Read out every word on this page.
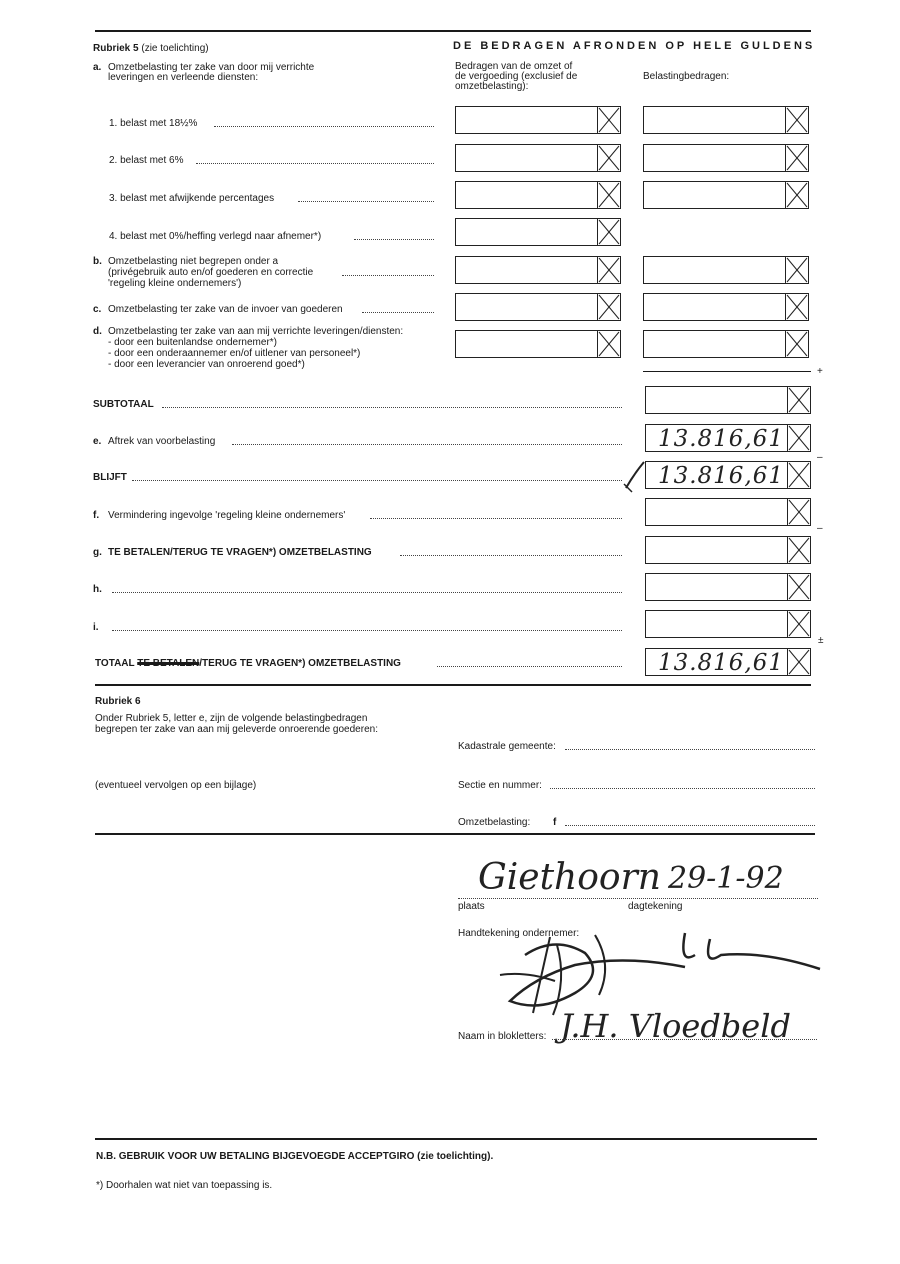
Rubriek 5 (zie toelichting)	DE BEDRAGEN AFRONDEN OP HELE GULDENS
a. Omzetbelasting ter zake van door mij verrichte
leveringen en verleende diensten:
Bedragen van de omzet of
de vergoeding (exclusief de
omzetbelasting):
Belastingbedragen:
1. belast met 18½%
2. belast met 6%
3. belast met afwijkende percentages
4. belast met 0%/heffing verlegd naar afnemer*)
b. Omzetbelasting niet begrepen onder a
(privégebruik auto en/of goederen en correctie
'regeling kleine ondernemers')
c. Omzetbelasting ter zake van de invoer van goederen
d. Omzetbelasting ter zake van aan mij verrichte leveringen/diensten:
- door een buitenlandse ondernemer*)
- door een onderaannemer en/of uitlener van personeel*)
- door een leverancier van onroerend goed*)
+
SUBTOTAAL
e. Aftrek van voorbelasting	13.816,61
–
BLIJFT	13.816,61
f. Vermindering ingevolge 'regeling kleine ondernemers'
–
g. TE BETALEN/TERUG TE VRAGEN*) OMZETBELASTING
h.
i.
±
TOTAAL TE BETALEN/TERUG TE VRAGEN*) OMZETBELASTING	13.816,61
Rubriek 6
Onder Rubriek 5, letter e, zijn de volgende belastingbedragen
begrepen ter zake van aan mij geleverde onroerende goederen:
Kadastrale gemeente:
(eventueel vervolgen op een bijlage)	Sectie en nummer:
Omzetbelasting: f
Giethoorn 29-1-92
plaats	dagtekening
Handtekening ondernemer:
Naam in blokletters: J.H. Vloedbeld
N.B. GEBRUIK VOOR UW BETALING BIJGEVOEGDE ACCEPTGIRO (zie toelichting).
*) Doorhalen wat niet van toepassing is.
